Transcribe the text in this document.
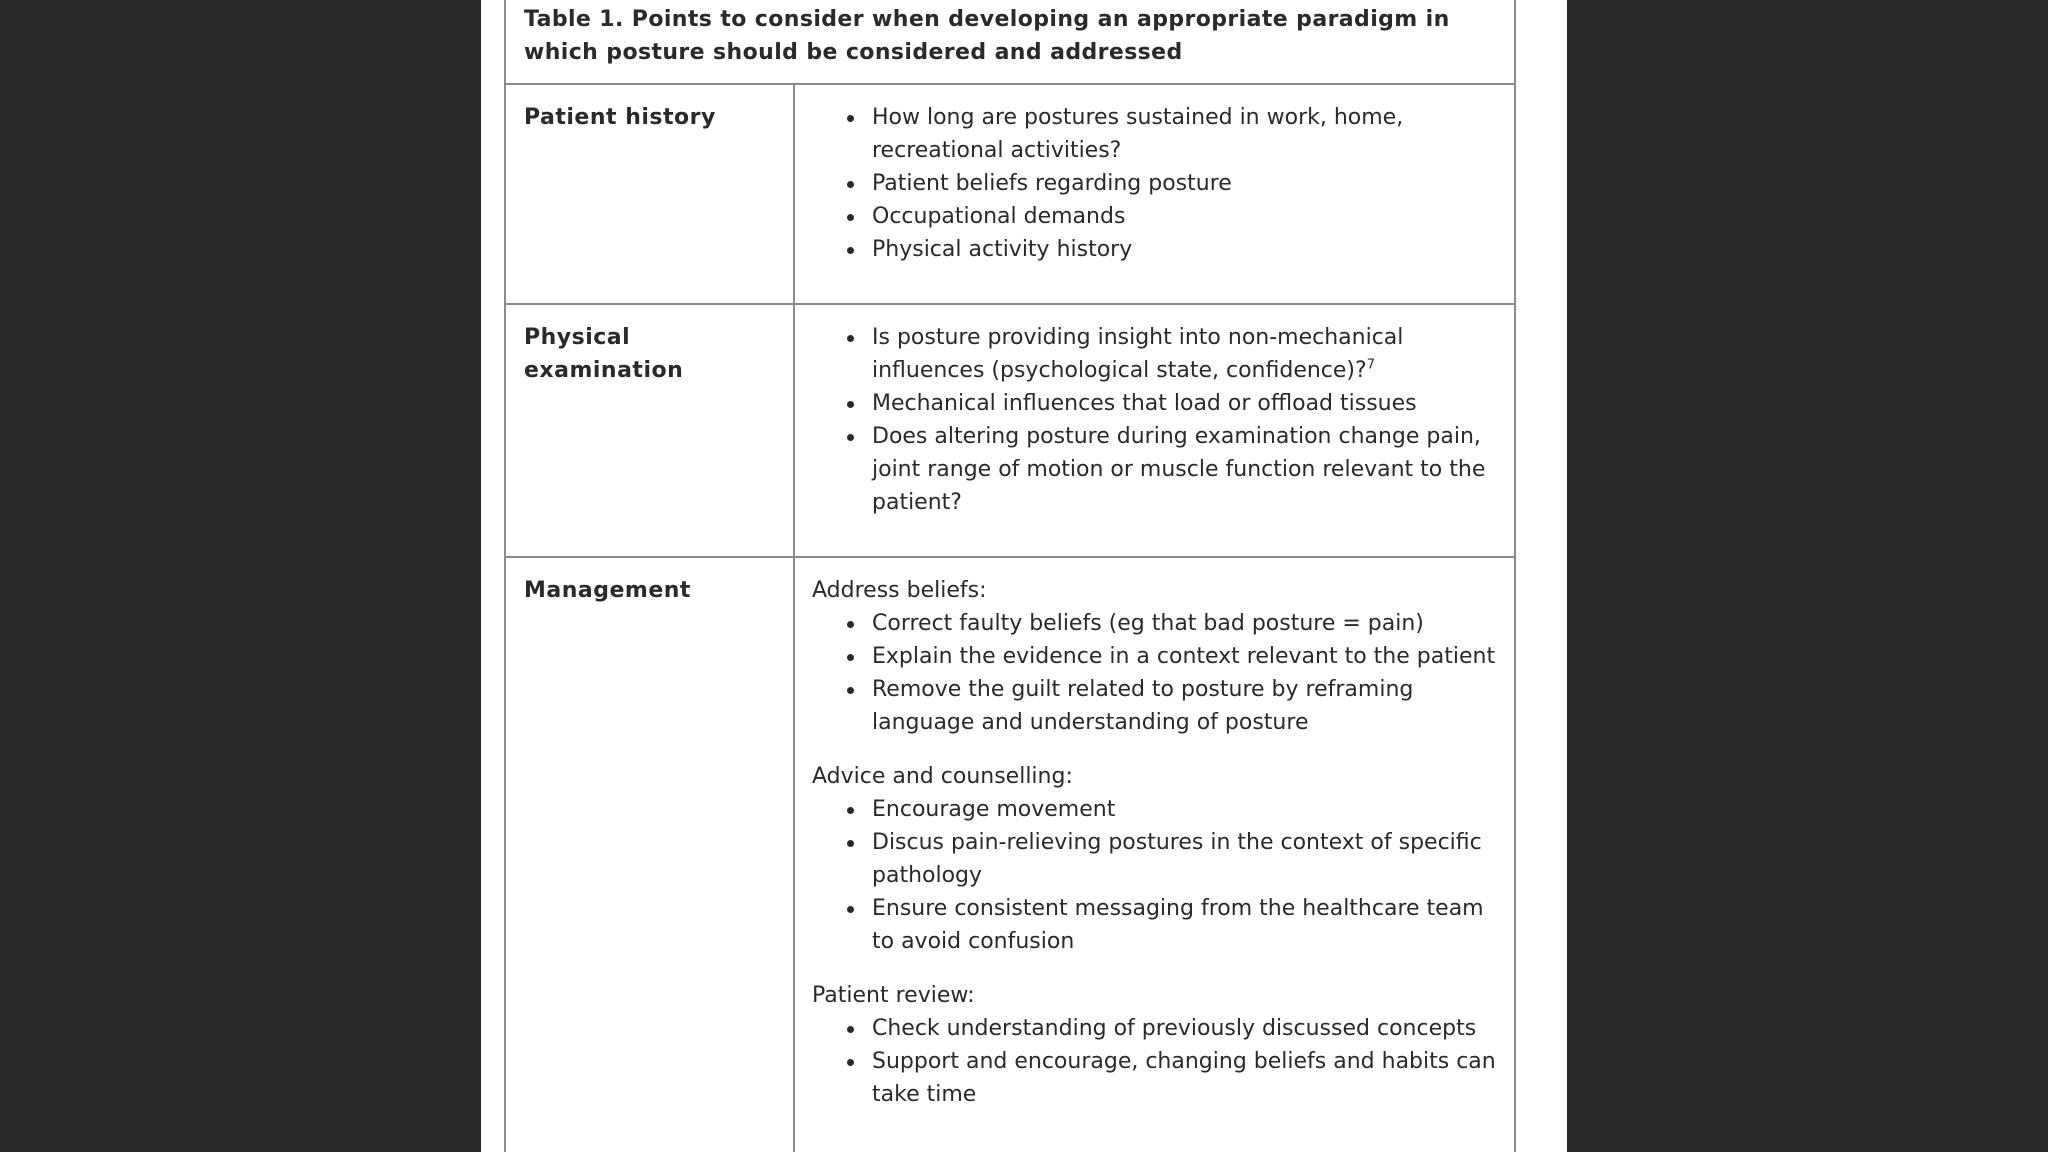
Table 1. Points to consider when developing an appropriate paradigm in which posture should be considered and addressed
Patient history	How long are postures sustained in work, home, recreational activities?
Patient beliefs regarding posture
Occupational demands
Physical activity history
Physical examination
Is posture providing insight into non-mechanical influences (psychological state, confidence)?$^7$
Mechanical influences that load or offload tissues
Does altering posture during examination change pain, joint range of motion or muscle function relevant to the patient?
Management	Address beliefs:
Correct faulty beliefs (eg that bad posture = pain)
Explain the evidence in a context relevant to the patient
Remove the guilt related to posture by reframing language and understanding of posture
Advice and counselling:
Encourage movement
Discus pain-relieving postures in the context of specific pathology
Ensure consistent messaging from the healthcare team to avoid confusion
Patient review:
Check understanding of previously discussed concepts
Support and encourage, changing beliefs and habits can take time
